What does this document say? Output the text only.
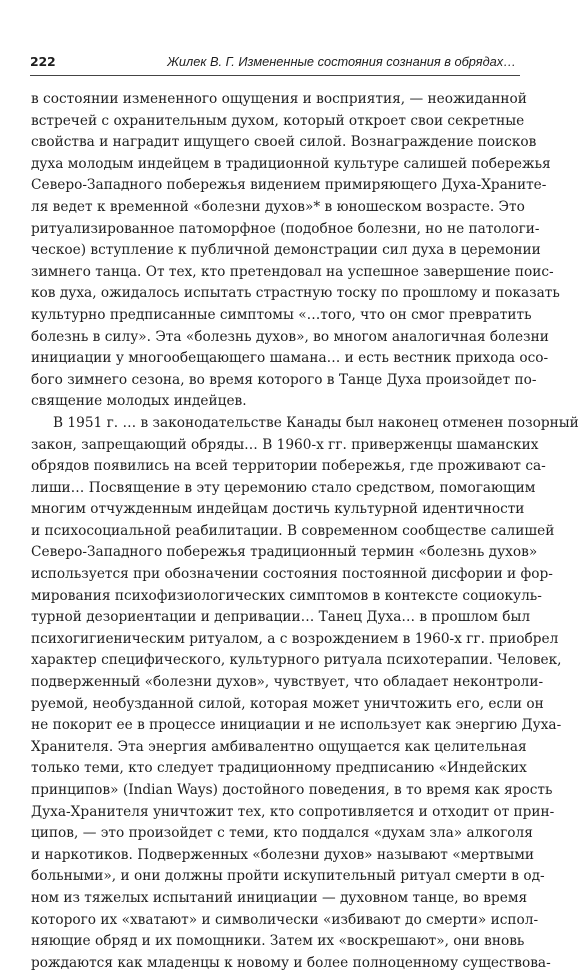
222	Жилек В. Г. Измененные состояния сознания в обрядах…
в состоянии измененного ощущения и восприятия, — неожиданной
встречей с охранительным духом, который откроет свои секретные
свойства и наградит ищущего своей силой. Вознаграждение поисков
духа молодым индейцем в традиционной культуре салишей побережья
Северо-Западного побережья видением примиряющего Духа-Хранитe-
ля ведет к временной «болезни духов»* в юношеском возрасте. Это
ритуализированное патоморфное (подобное болезни, но не патологи-
ческое) вступление к публичной демонстрации сил духа в церемонии
зимнего танца. От тех, кто претендовал на успешное завершение поис-
ков духа, ожидалось испытать страстную тоску по прошлому и показать
культурно предписанные симптомы «…того, что он смог превратить
болезнь в силу». Эта «болезнь духов», во многом аналогичная болезни
инициации у многообещающего шамана… и есть вестник прихода осо-
бого зимнего сезона, во время которого в Танце Духа произойдет по-
священие молодых индейцев.
В 1951 г. … в законодательстве Канады был наконец отменен позорный
закон, запрещающий обряды… В 1960-х гг. приверженцы шаманских
обрядов появились на всей территории побережья, где проживают са-
лиши… Посвящение в эту церемонию стало средством, помогающим
многим отчужденным индейцам достичь культурной идентичности
и психосоциальной реабилитации. В современном сообществе салишей
Северо-Западного побережья традиционный термин «болезнь духов»
используется при обозначении состояния постоянной дисфории и фор-
мирования психофизиологических симптомов в контексте социокуль-
турной дезориентации и депривации… Танец Духа… в прошлом был
психогигиеническим ритуалом, а с возрождением в 1960-х гг. приобрел
характер специфического, культурного ритуала психотерапии. Человек,
подверженный «болезни духов», чувствует, что обладает неконтроли-
руемой, необузданной силой, которая может уничтожить его, если он
не покорит ее в процессе инициации и не использует как энергию Духа-
Хранителя. Эта энергия амбивалентно ощущается как целительная
только теми, кто следует традиционному предписанию «Индейских
принципов» (Indian Ways) достойного поведения, в то время как ярость
Духа-Хранителя уничтожит тех, кто сопротивляется и отходит от прин-
ципов, — это произойдет с теми, кто поддался «духам зла» алкоголя
и наркотиков. Подверженных «болезни духов» называют «мертвыми
больными», и они должны пройти искупительный ритуал смерти в од-
ном из тяжелых испытаний инициации — духовном танце, во время
которого их «хватают» и символически «избивают до смерти» испол-
няющие обряд и их помощники. Затем их «воскрешают», они вновь
рождаются как младенцы к новому и более полноценному существова-
